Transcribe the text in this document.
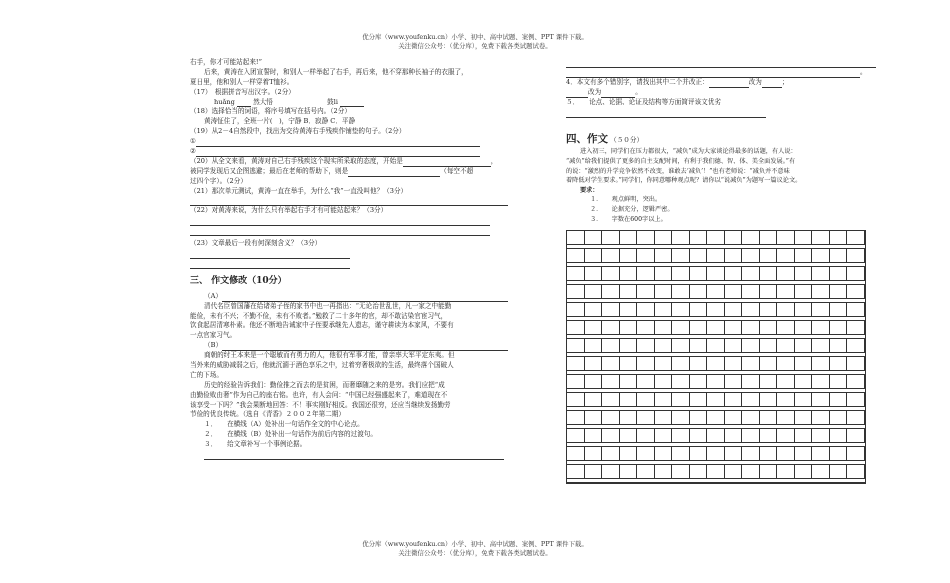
优分库（www.youfenku.cn）小学、初中、高中试题、案例、PPT 课件下载。
关注微信公众号：（优分库），免费下载各类试题试卷。

右手，你才可能站起来!”

后来，黄涛在入团宣誓时，和别人一样举起了右手，再后来，他不穿那种长袖子的衣服了，

夏日里，他和别人一样穿着T恤衫。

（17）　根据拼音写出汉字。（2分）

huǎng	然大悟	鼓li

（18）选择恰当的词语，将序号填写在括号内。（2分）

黄涛怔住了，全班一片(　)，宁静 B．寂静 C．平静

（19）从2－4自然段中，找出为交待黄涛右手残疾作铺垫的句子。（2分）

①

②

（20）从全文来看，黄涛对自己右手残疾这个现实所采取的态度，开始是	，

被同学发现后又企图逃避；最后在老师的帮助下，则是	（每空不超

过四个字）。（2分）

（21）那次单元测试，黄涛一直在举手，为什么“我”一直没叫他？（3分）

（22）对黄涛来说，为什么只有举起右手才有可能站起来？（3分）

（23）文章最后一段有何深刻含义？（3分）

三、 作文修改（10分）

（A）

清代名臣曾国藩在给诸弟子侄的家书中也一再指出：“无论治世乱世，凡一家之中能勤

能俭，未有不兴；不勤不俭，未有不败者。”勉救了二十多年的官，却不敢沾染官宦习气，

饮食起居清寒朴素。他还不断地告诫家中子侄要承继先人遗志，谨守耕读为本家风，不要有

一点官家习气。

（B）

商朝的纣王本来是一个聪敏而有勇力的人，他很有军事才能，曾亲率大军平定东夷。但

当外来的威胁减弱之后，他就沉湎于酒色享乐之中，过着穷奢极欲的生活，最终落个国破人

亡的下场。

历史的经验告诉我们：勤俭推之而去的是贫困，而奢靡随之来的是穷。我们应把“成

由勤俭败由奢”作为自己的座右铭。也许，有人会问：“中国已经强盛起来了，难道现在不

该享受一下吗？”我会果断地回答：不！事实刚好相反。我国还很穷，还应当继续发扬勤劳

节俭的优良传统。（选自《青香》２００２年第二期）

１．　　在横线（A）处补出一句话作全文的中心论点。

２．　　在横线（B）处补出一句话作为前后内容的过渡句。

３．　　给文章补写一个事例论据。

。

4．本文有多个错别字，请找出其中二个并改正：	改为	；

改为	。

５．　　论点、论据、论证及结构等方面简评该文优劣

四、作文 （５０分）

进入初三，同学们在压力都很大，“减负”成为大家谈论得最多的话题，有人说：

“减负”给我们提供了更多的自主支配时间，有利于我们德、智、体、美全面发展。”有

的说：“激烈的升学竞争依然不改变，谁敢去‘减负’！”也有老师说：“减负并不意味

着降低对学生要求。”同学们，你同意哪种观点呢？请你以“说减负”为题写一篇议论文。

要求：

１．　　观点鲜明，突出。

２．　　论据充分，逻辑严密。

３．　　字数在600字以上。

优分库（www.youfenku.cn）小学、初中、高中试题、案例、PPT 课件下载。
关注微信公众号：（优分库），免费下载各类试题试卷。
